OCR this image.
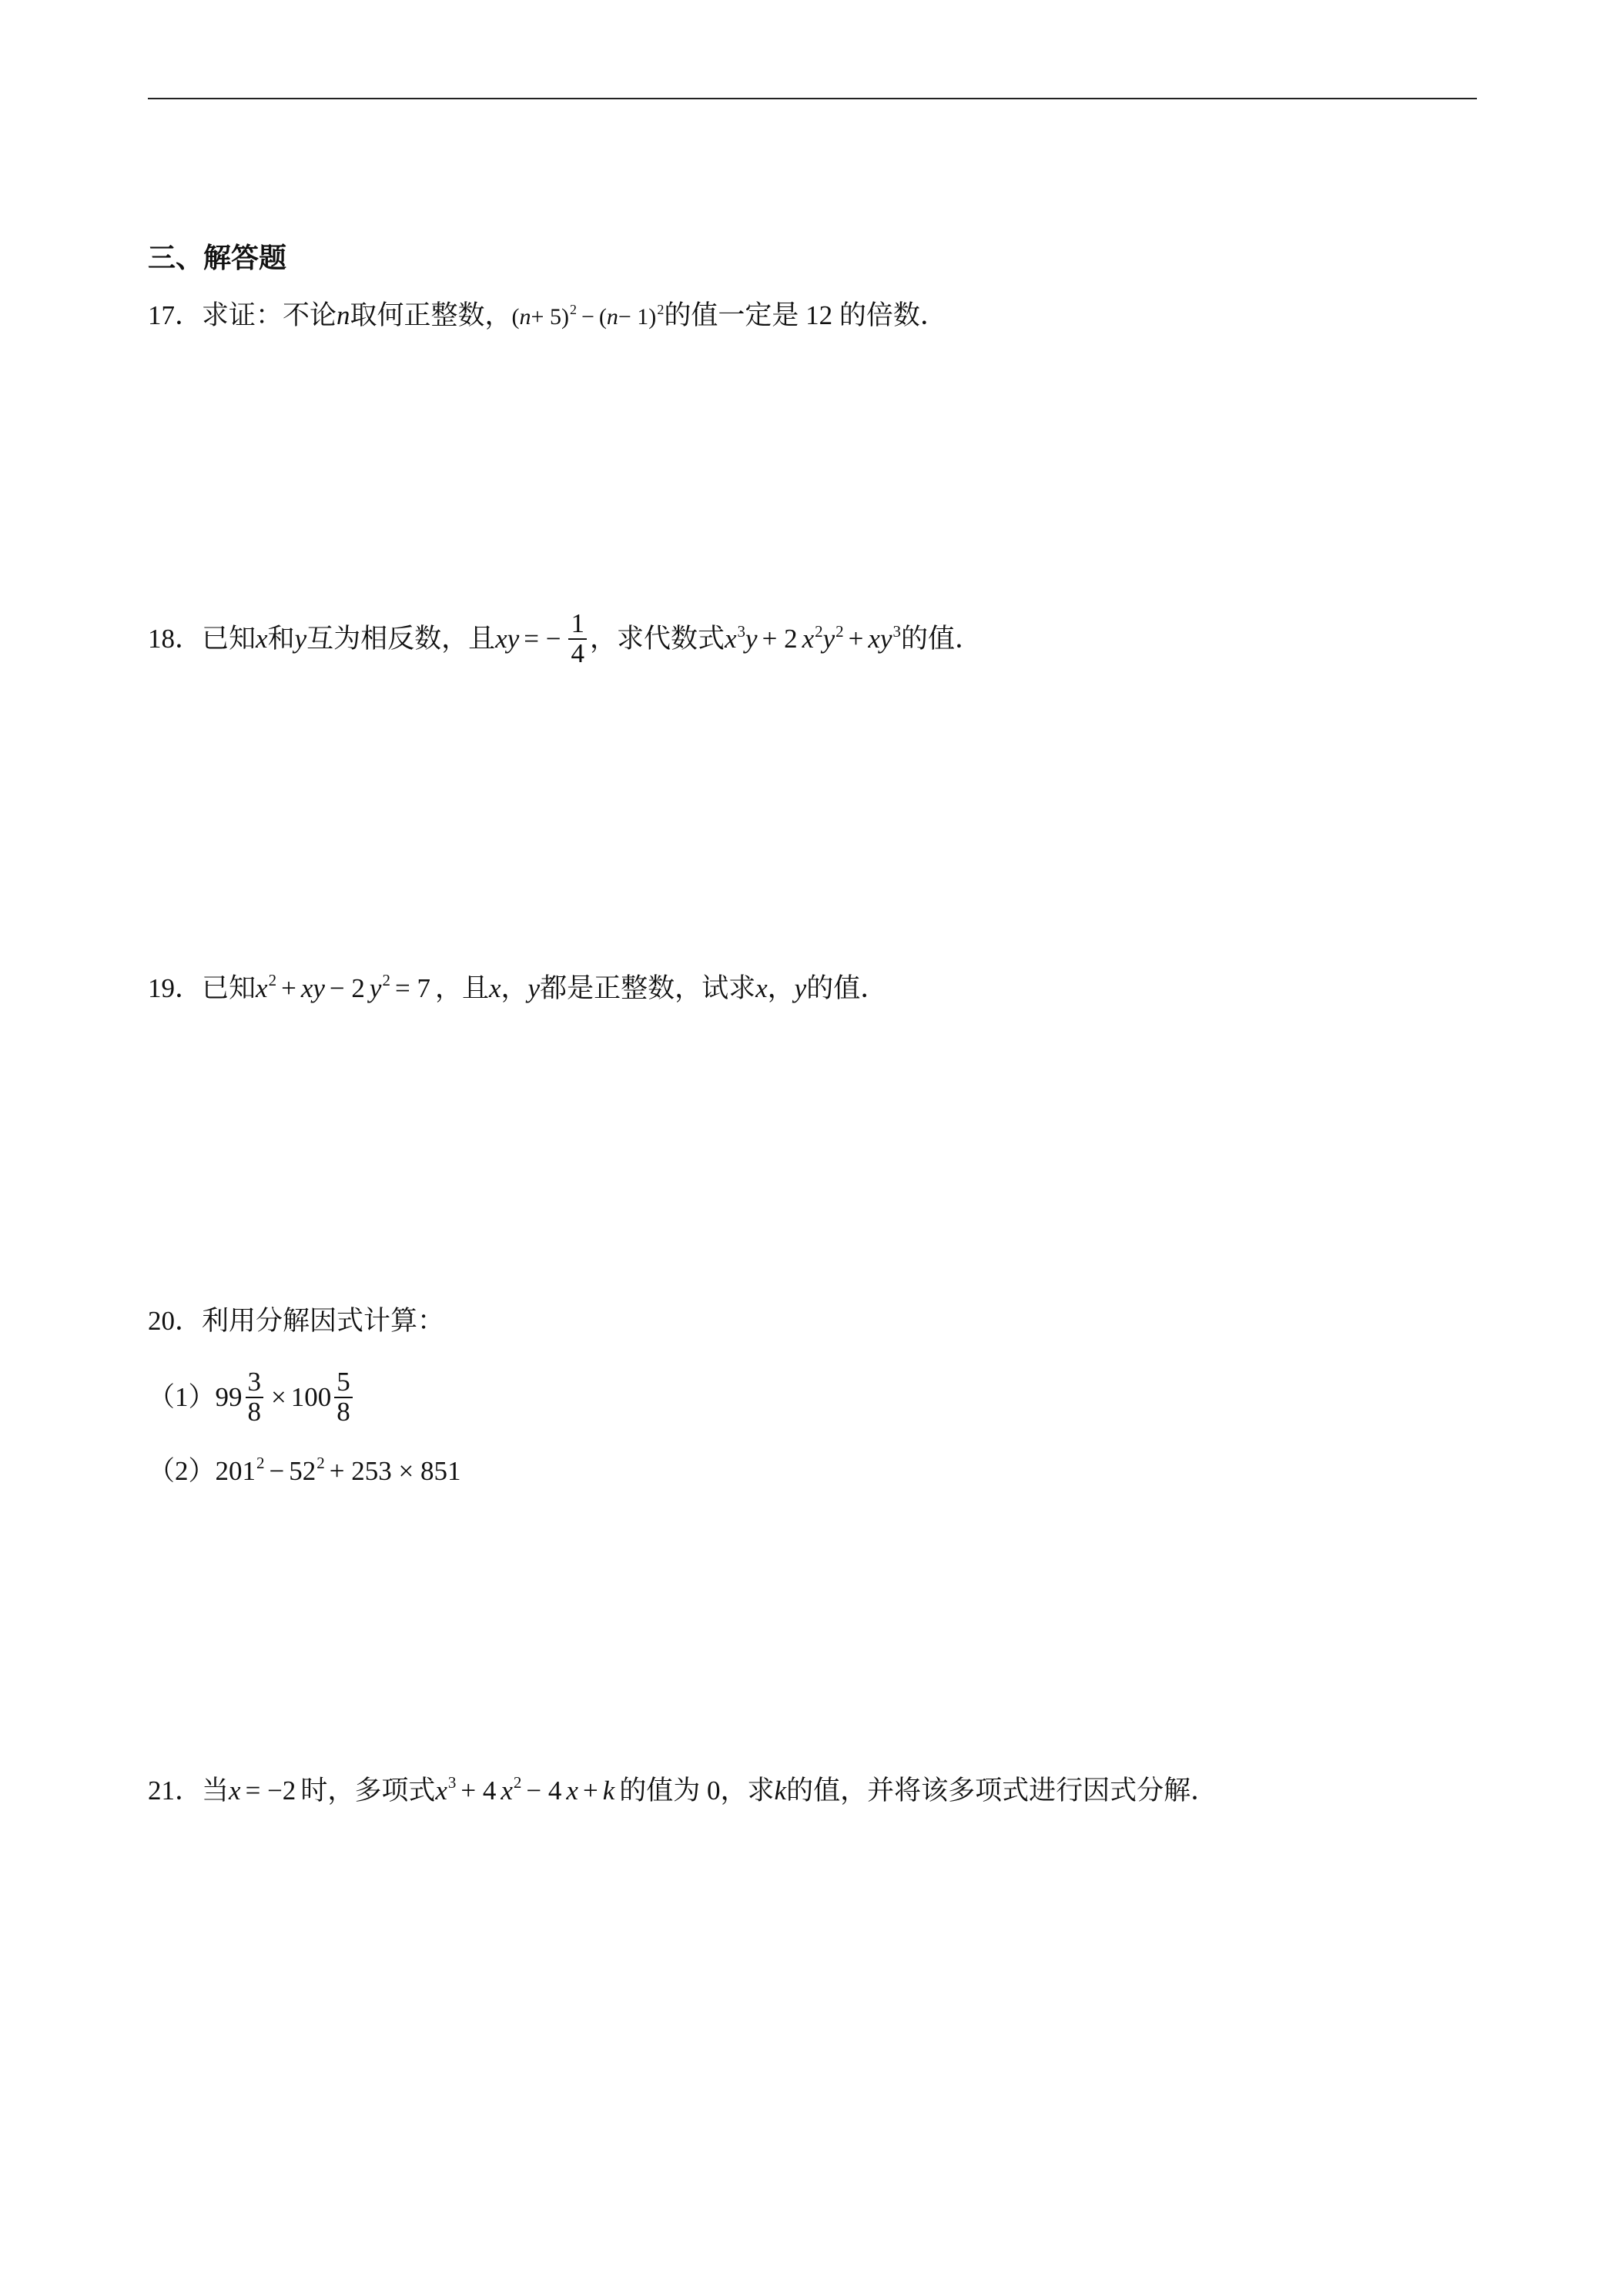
三、解答题
17．求证：不论n取何正整数，$(n+ 5)^2 - (n- 1)^2$的值一定是 12 的倍数．
18． 已知 x 和 y 互为相反数，且 xy = − $\frac{1}{4}$ ，求代数式 $x^3y + 2$ $x^2y^2 + xy^3$ 的值．
19．已知$x^2$ + xy − 2 $y^2 = 7$ ，且x，y都是正整数，试求x，y的值．
20．利用分解因式计算：
（1） $99 \frac{3}{8} \times 100 \frac{5}{8}$
$(2)201^2 - 52^2 + 253 \times 851$
21．当x = −2 时，多项式$x^3 + 4$ $x^2 - 4$ x + k 的值为 0，求k的值，并将该多项式进行因式分解．
